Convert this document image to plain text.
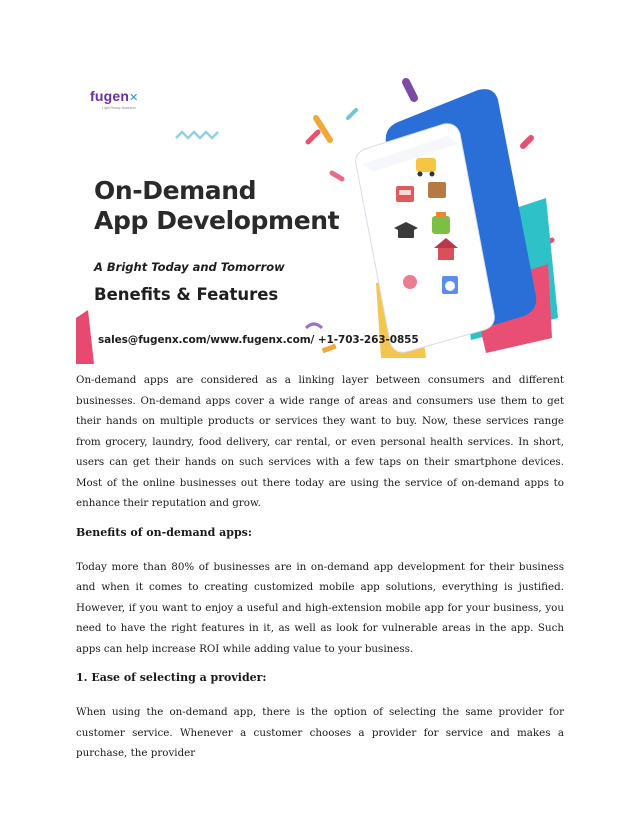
fugen✕
Light Ready Business
On-Demand
App Development
A Bright Today and Tomorrow
Benefits & Features
sales@fugenx.com/www.fugenx.com/ +1-703-263-0855

On-demand apps are considered as a linking layer between consumers and different businesses. On-demand apps cover a wide range of areas and consumers use them to get their hands on multiple products or services they want to buy. Now, these services range from grocery, laundry, food delivery, car rental, or even personal health services. In short, users can get their hands on such services with a few taps on their smartphone devices. Most of the online businesses out there today are using the service of on-demand apps to enhance their reputation and grow.

Benefits of on-demand apps:

Today more than 80% of businesses are in on-demand app development for their business and when it comes to creating customized mobile app solutions, everything is justified. However, if you want to enjoy a useful and high-extension mobile app for your business, you need to have the right features in it, as well as look for vulnerable areas in the app. Such apps can help increase ROI while adding value to your business.

1. Ease of selecting a provider:

When using the on-demand app, there is the option of selecting the same provider for customer service. Whenever a customer chooses a provider for service and makes a purchase, the provider
